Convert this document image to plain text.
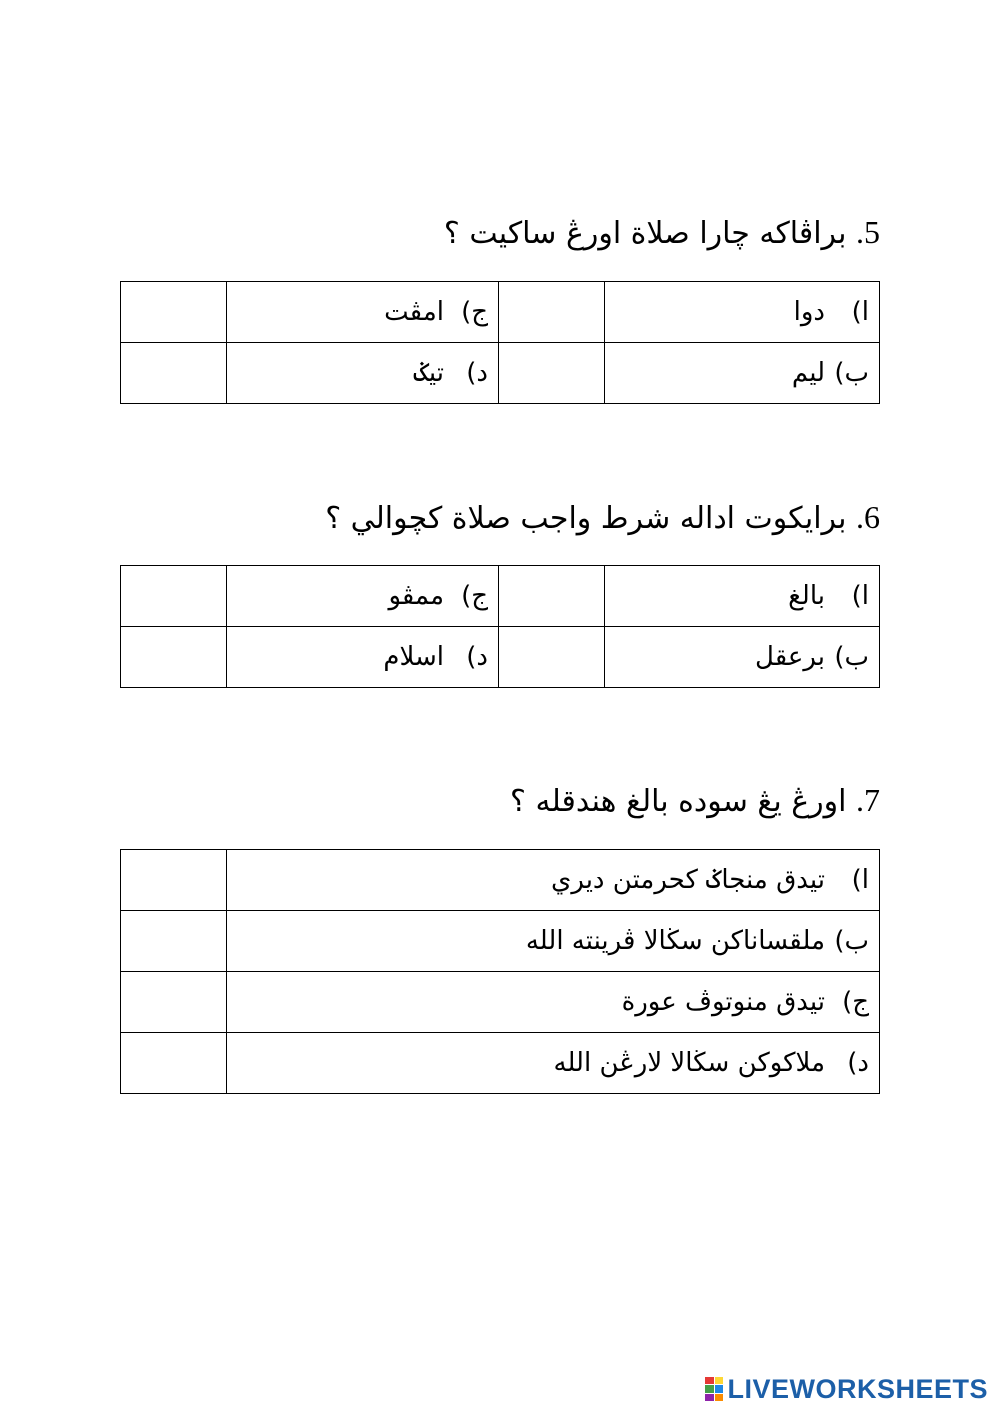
5. براڤاكه چارا صلاة اورڠ ساكيت ؟
ا)دوا		ج)امڤت	
ب)ليم		د)تيݢ	
6. برايكوت اداله شرط واجب صلاة كچوالي ؟
ا)بالغ		ج)ممڤو	
ب)برعقل		د)اسلام	
7. اورڠ يڠ سوده بالغ هندقله ؟
ا)تيدق منجاݢ كحرمتن ديري	
ب)ملقساناكن سڬالا ڤرينته الله	
ج)تيدق منوتوڤ عورة	
د)ملاكوكن سڬالا لارڠن الله	
LIVEWORKSHEETS
